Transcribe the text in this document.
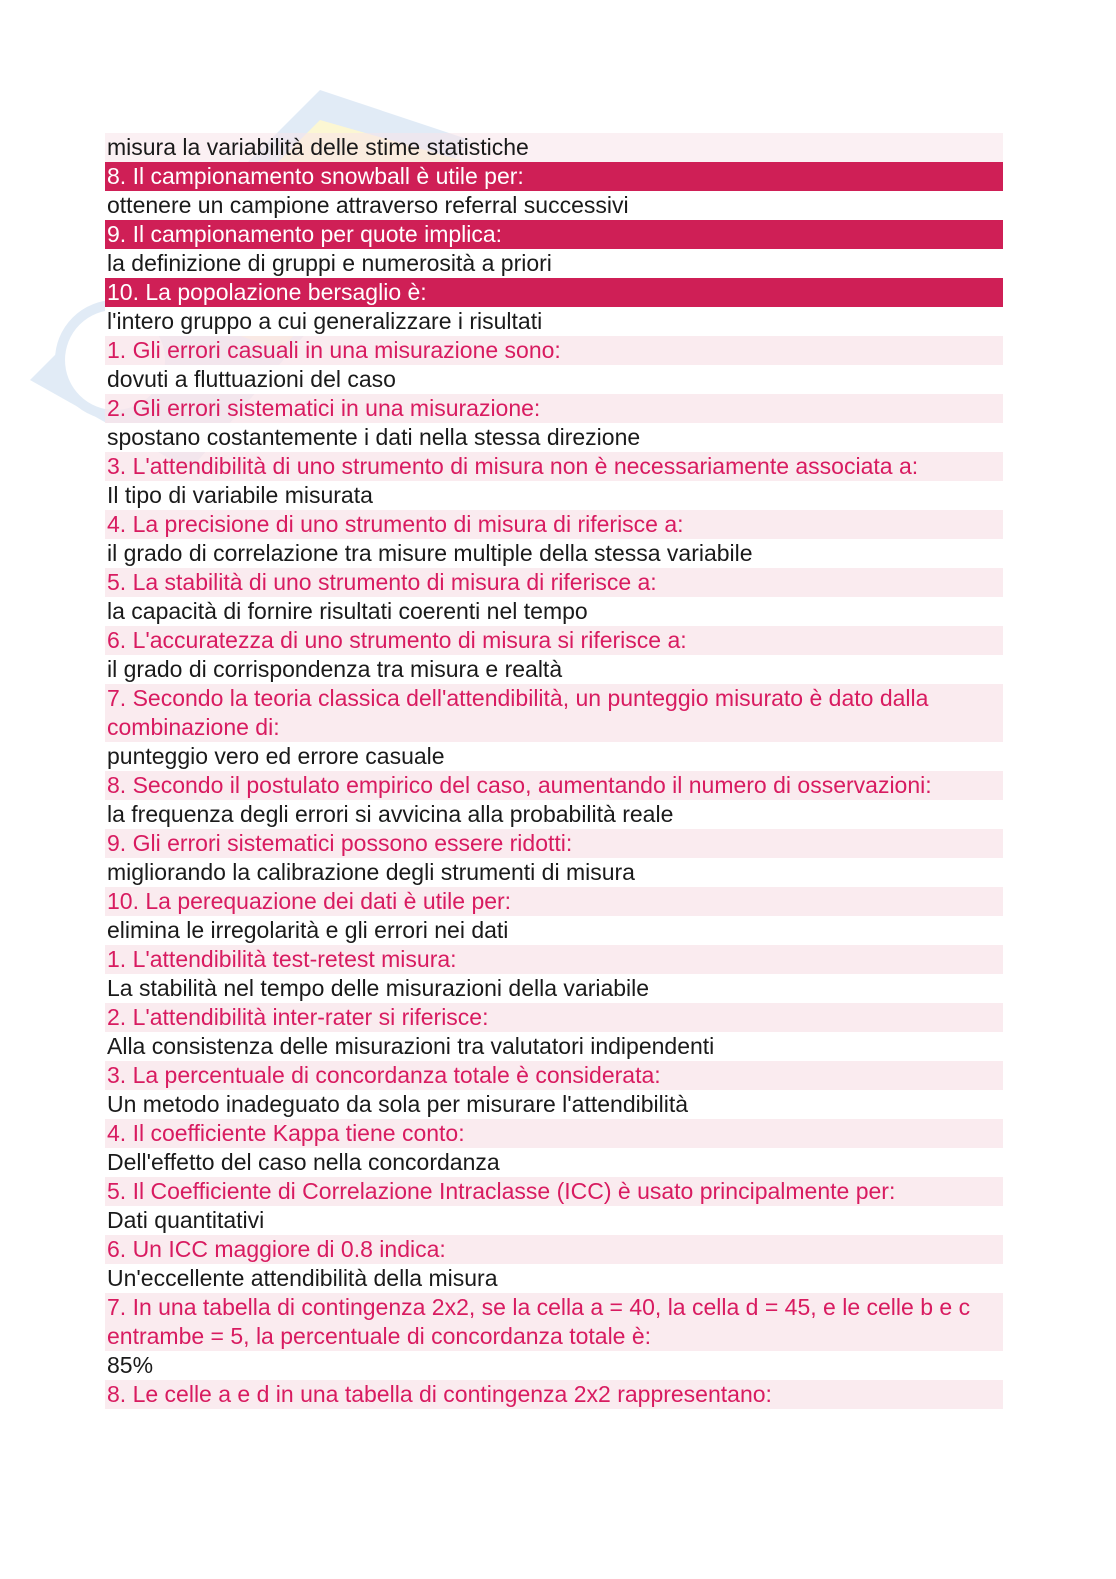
misura la variabilità delle stime statistiche
8. Il campionamento snowball è utile per:
ottenere un campione attraverso referral successivi
9. Il campionamento per quote implica:
la definizione di gruppi e numerosità a priori
10. La popolazione bersaglio è:
l'intero gruppo a cui generalizzare i risultati
1. Gli errori casuali in una misurazione sono:
dovuti a fluttuazioni del caso
2. Gli errori sistematici in una misurazione:
spostano costantemente i dati nella stessa direzione
3. L'attendibilità di uno strumento di misura non è necessariamente associata a:
Il tipo di variabile misurata
4. La precisione di uno strumento di misura di riferisce a:
il grado di correlazione tra misure multiple della stessa variabile
5. La stabilità di uno strumento di misura di riferisce a:
la capacità di fornire risultati coerenti nel tempo
6. L'accuratezza di uno strumento di misura si riferisce a:
il grado di corrispondenza tra misura e realtà
7. Secondo la teoria classica dell'attendibilità, un punteggio misurato è dato dalla combinazione di:
punteggio vero ed errore casuale
8. Secondo il postulato empirico del caso, aumentando il numero di osservazioni:
la frequenza degli errori si avvicina alla probabilità reale
9. Gli errori sistematici possono essere ridotti:
migliorando la calibrazione degli strumenti di misura
10. La perequazione dei dati è utile per:
elimina le irregolarità e gli errori nei dati
1. L'attendibilità test-retest misura:
La stabilità nel tempo delle misurazioni della variabile
2. L'attendibilità inter-rater si riferisce:
Alla consistenza delle misurazioni tra valutatori indipendenti
3. La percentuale di concordanza totale è considerata:
Un metodo inadeguato da sola per misurare l'attendibilità
4. Il coefficiente Kappa tiene conto:
Dell'effetto del caso nella concordanza
5. Il Coefficiente di Correlazione Intraclasse (ICC) è usato principalmente per:
Dati quantitativi
6. Un ICC maggiore di 0.8 indica:
Un'eccellente attendibilità della misura
7. In una tabella di contingenza 2x2, se la cella a = 40, la cella d = 45, e le celle b e c entrambe = 5, la percentuale di concordanza totale è:
85%
8. Le celle a e d in una tabella di contingenza 2x2 rappresentano:
